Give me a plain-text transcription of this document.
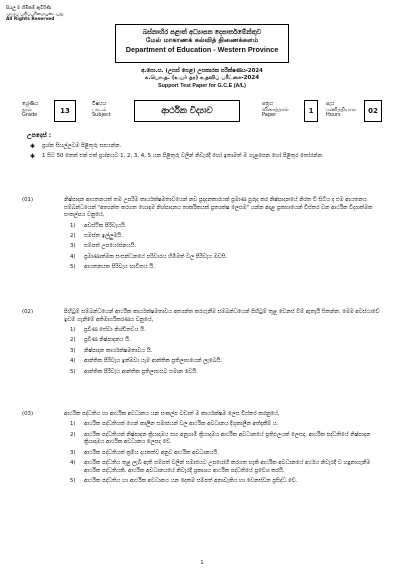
සියලු ම හිමිකම් ඇවිරිණි
முழுப் பதிப்புரிமையுடையது
All Rights Reserved
බස්නාහිර පළාත් අධ්‍යාපන දෙපාර්තමේන්තුව
மேல் மாகாணக் கல்வித் திணைக்களம்
Department of Education - Western Province
අ.පො.ස. (උසස් පෙළ) උපකාරක පරීක්ෂණය-2024
க.பொ.த. (உயர் தர) உதவிப் பரீட்சை-2024
Support Test Paper for G.C.E (A/L)
ශ්‍රේණිය
தரம்
Grade
13
විෂයය
பாடம்
Subject	ආර්ථික විද්‍යාව
පත්‍රය
வினாத்தாள்
Paper
1
පැය
மணித்தியால
Hours
02
උපදෙස් :
✱	ප්‍රශ්න සියල්ලටම පිළිතුරු සපයන්න.
✱	1 සිට 50 තෙක් එක් එක් ප්‍රශ්නයට 1, 2, 3, 4, 5 යන පිළිතුරු වලින් නිවැරදි හෝ ඉතාමත් ම ගැළපෙන හෝ පිළිතුර තෝරන්න.
(01)	නිෂ්පාදන ආයතනයක් තම උපරිම කාර්යක්ෂමතාවයෙන් නව ප්‍රදාදනකාරයක් ප්‍රමාණ පුරුද කර නිෂ්පාදනයේ නිරත වී සිටිය ද එම ආයතනය සම්බන්ධයෙන් "අත්‍යන්ත කරගත හොඳම නිශ්පාදනය තාර්කිකයක් ප්‍රත්‍යක්ෂ ලෙසම" යන්න අදාළ ප්‍රකාශයෙන් විස්තර වන ආර්ථික විද්‍යාත්මක සංකල්පය වනුයේ,
1)	අවස්ථික පිරිවැයයි.
2)	සමස්ත ඉල්ලුමයි.
3)	සම්පත් උපයෝජනයයි.
4)	ප්‍රමාණාත්මක සංසන්ධනයේ පරිවාරය හිමිමත් වල පිරිවැය ඔවසි.
5)	ආයතනයක පිරිවැය භාවිතය යි.
(02)	පිහිටුම් සම්බන්ධයෙන් ආර්ථික කාර්යක්ෂමතාවය අත්‍යන්ත කරගැනීම සම්බන්ධයෙන් පිහිටුම් තුළ වෙනස් වීම් ඇතැයි සිතන්න. මෙම අවස්ථාවේ ඉඩම් ගැනීමේ අතිමාර්ගිකරණය වනුයේ,
1)	ප්‍රවීණ සේවා නිශ්චිතවය යි.
2)	ප්‍රවීණ නිෂ්පාදනය යි.
3)	නිෂ්පාදන කාර්යක්ෂමතාවය යි.
4)	ආන්තික පිරිවැය ඉක්මවා යෑම ආන්තික ප්‍රතිලාභයෙන් ලැබෙයි.
5)	ආන්තික පිරිවැය ආන්තික ප්‍රතිලාභයට සමාන වෙයි.
(03)	ආර්ථික පද්ධතිය හා ආර්ථික අවධානය යන සංකල්ප වඩාත් ම කාර්යක්ෂම ලෙස විස්තර කරනුයේ,
1)	ආර්ථික පද්ධතියක් ගෙන් කාලීන සමාජයන් වල ආර්ථික අවධානය දිගුකාලීන අත්දැකීම් ය.
2)	ආර්ථික පද්ධතියක් නිෂ්පාදන ක්‍රියාදාමය සහ අනුගාමී ක්‍රියාදාමය ආර්ථික අවධානයේ ප්‍රතිඵලයක් ලෙසද, ආර්ථික පද්ධතියේ නිෂ්පාදන ක්‍රියාදාමය ආර්ථික අවධානය ලෙසද වේ.
3)	ආර්ථික පද්ධතියක් ක්‍රමීය දායකත්ව අනුව ආර්ථික අවධානයයි.
4)	ආර්ථික පද්ධතිය තුළ ලැබී ඇති සම්පත් වලින් සමාජයට උපයෝගී කරගත හැකි ආර්ථික අවධානයේ අර්ථය නිවැරදි ව හඳුනාගැනීම ආර්ථික පද්ධතියකි. ආර්ථික අවධානයයේ නිවැරදි ප්‍රකාශය ආර්ථික පද්ධතියේ ප්‍රවේශ කරයි.
5)	ආර්ථික පද්ධතිය හා ආර්ථික අවධානය යන දෙකම සම්පත් අනාවැකිය හා වෙනස්වන ප්‍රසිද්ධ වේ.
1
